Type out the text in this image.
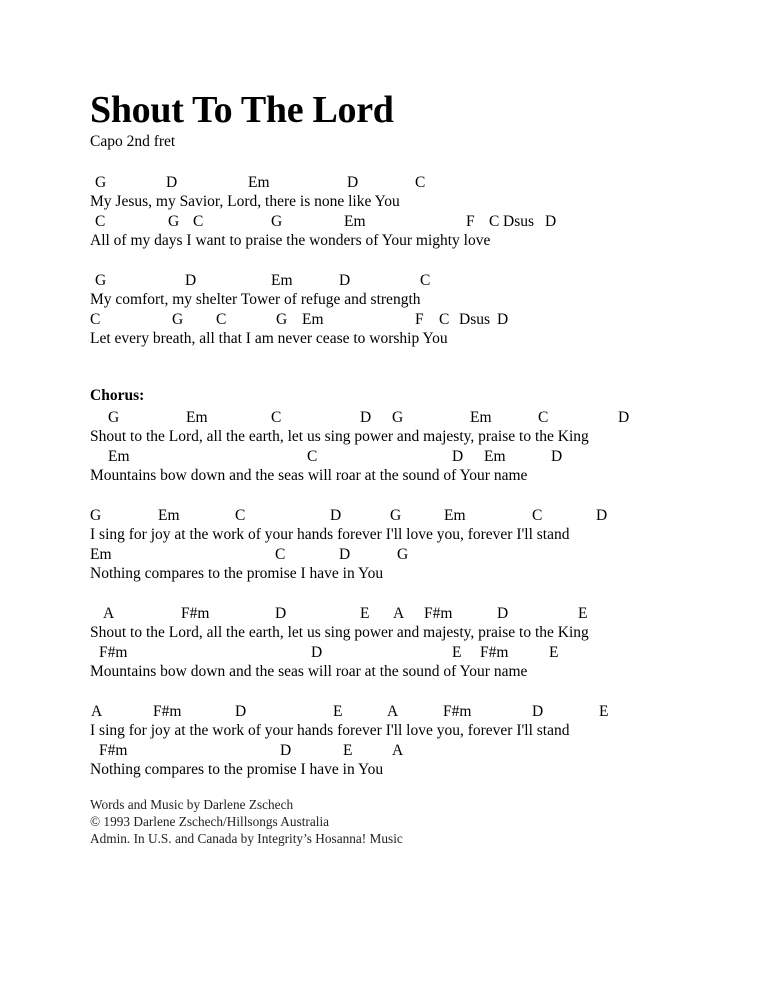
Shout To The Lord
Capo 2nd fret
G	D	Em	D	C
My Jesus, my Savior, Lord, there is none like You
C	G C	G	Em	F C Dsus D
All of my days I want to praise the wonders of Your mighty love
G	D	Em	D	C
My comfort, my shelter Tower of refuge and strength
C	G C	G Em	F C Dsus D
Let every breath, all that I am never cease to worship You
G	Em	C	D G	Em	C	D
Shout to the Lord, all the earth, let us sing power and majesty, praise to the King
Em	C	D Em	D
Mountains bow down and the seas will roar at the sound of Your name
G	Em	C	D	G	Em	C	D
I sing for joy at the work of your hands forever I'll love you, forever I'll stand
Em	C	D	G
Nothing compares to the promise I have in You
A	F#m	D	E A F#m	D	E
Shout to the Lord, all the earth, let us sing power and majesty, praise to the King
F#m	D	E F#m	E
Mountains bow down and the seas will roar at the sound of Your name
A	F#m	D	E	A	F#m	D	E
I sing for joy at the work of your hands forever I'll love you, forever I'll stand
F#m	D	E	A
Nothing compares to the promise I have in You
Chorus:
Words and Music by Darlene Zschech
© 1993 Darlene Zschech/Hillsongs Australia
Admin. In U.S. and Canada by Integrity’s Hosanna! Music
